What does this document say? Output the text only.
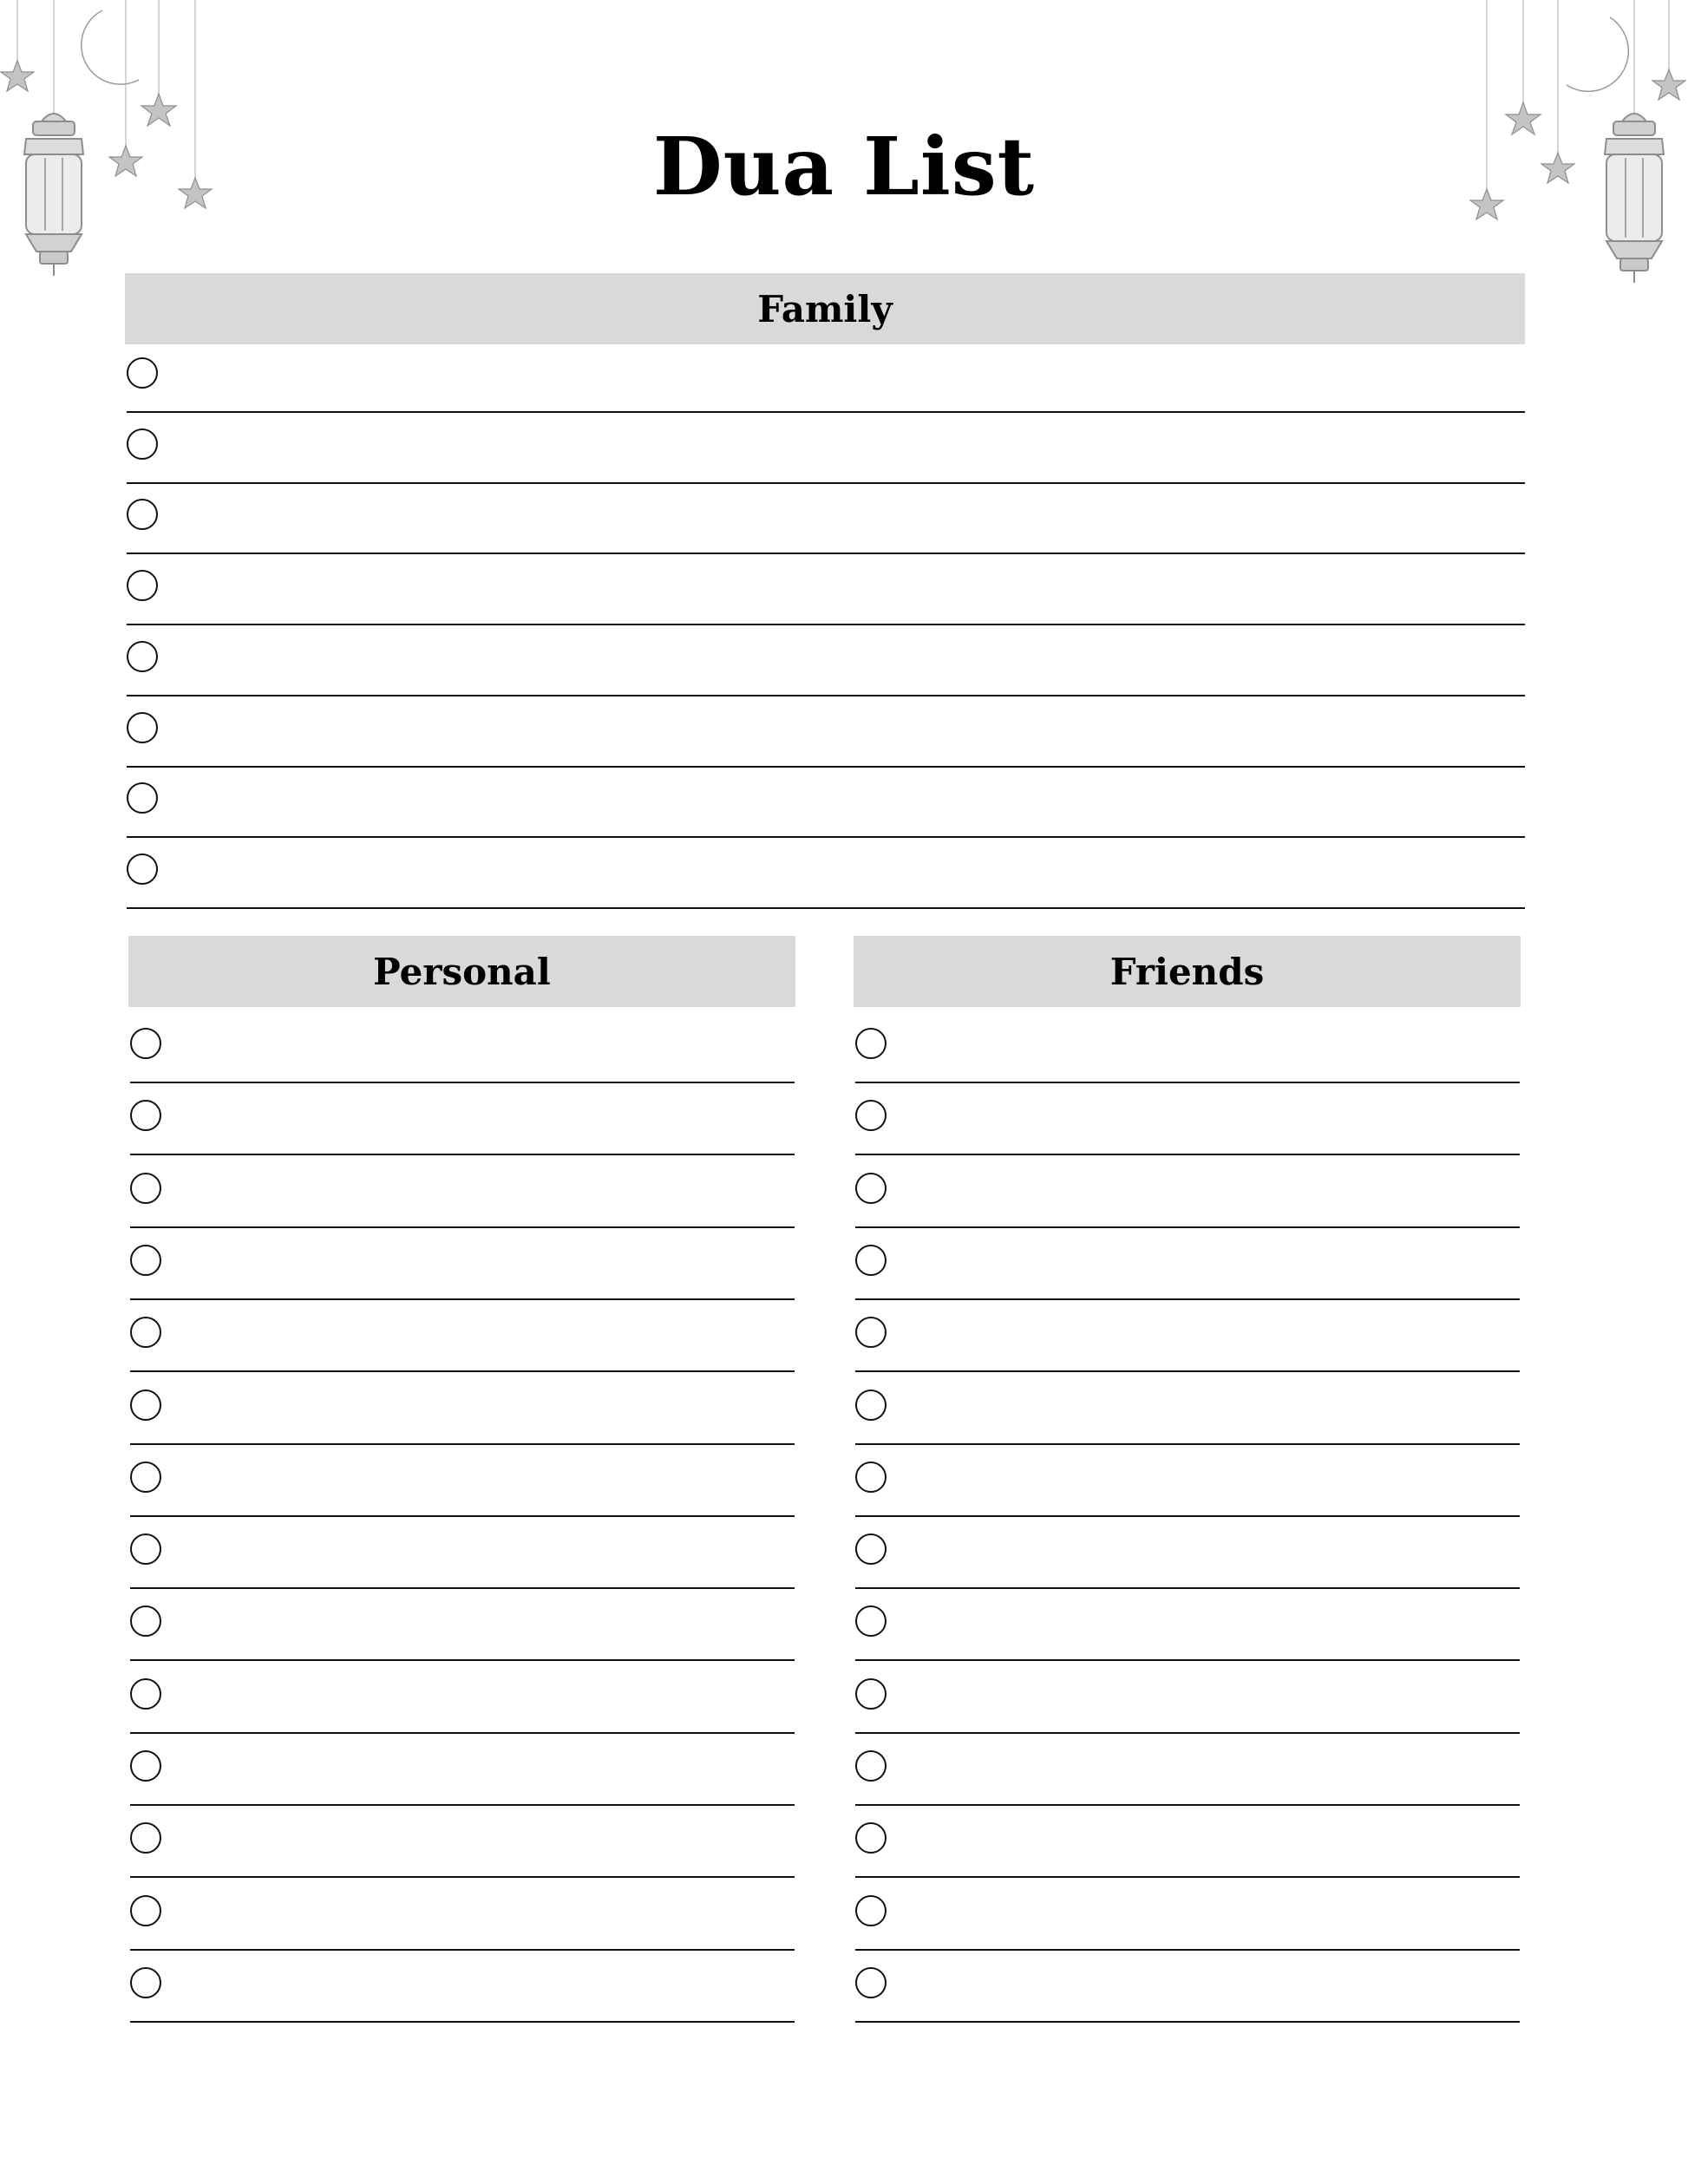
Dua List
Family
Personal	Friends
